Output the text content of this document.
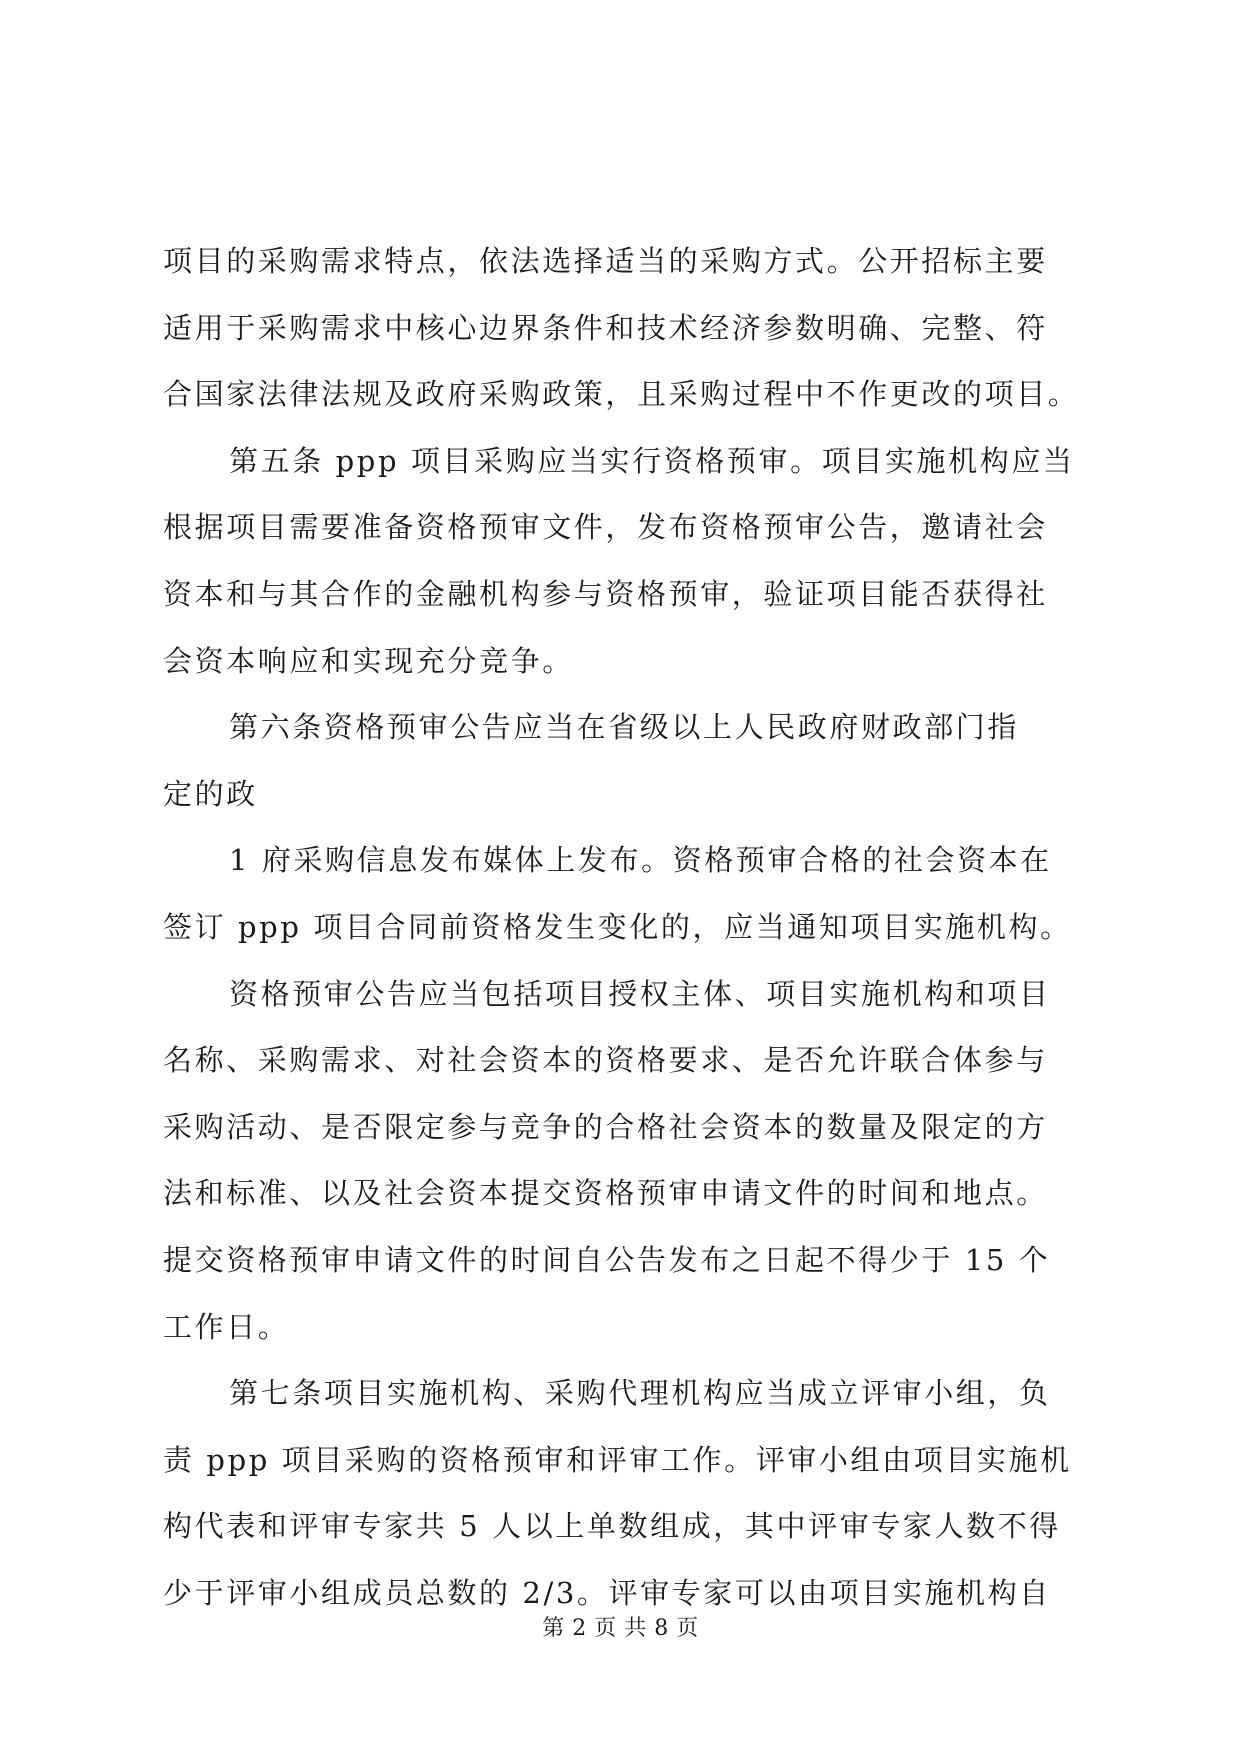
项目的采购需求特点，依法选择适当的采购方式。公开招标主要
适用于采购需求中核心边界条件和技术经济参数明确、完整、符
合国家法律法规及政府采购政策，且采购过程中不作更改的项目。
第五条 ppp 项目采购应当实行资格预审。项目实施机构应当
根据项目需要准备资格预审文件，发布资格预审公告，邀请社会
资本和与其合作的金融机构参与资格预审，验证项目能否获得社
会资本响应和实现充分竞争。
第六条资格预审公告应当在省级以上人民政府财政部门指
定的政
1 府采购信息发布媒体上发布。资格预审合格的社会资本在
签订 ppp 项目合同前资格发生变化的，应当通知项目实施机构。
资格预审公告应当包括项目授权主体、项目实施机构和项目
名称、采购需求、对社会资本的资格要求、是否允许联合体参与
采购活动、是否限定参与竞争的合格社会资本的数量及限定的方
法和标准、以及社会资本提交资格预审申请文件的时间和地点。
提交资格预审申请文件的时间自公告发布之日起不得少于 15 个
工作日。
第七条项目实施机构、采购代理机构应当成立评审小组，负
责 ppp 项目采购的资格预审和评审工作。评审小组由项目实施机
构代表和评审专家共 5 人以上单数组成，其中评审专家人数不得
少于评审小组成员总数的 2/3。评审专家可以由项目实施机构自
第 2 页 共 8 页
